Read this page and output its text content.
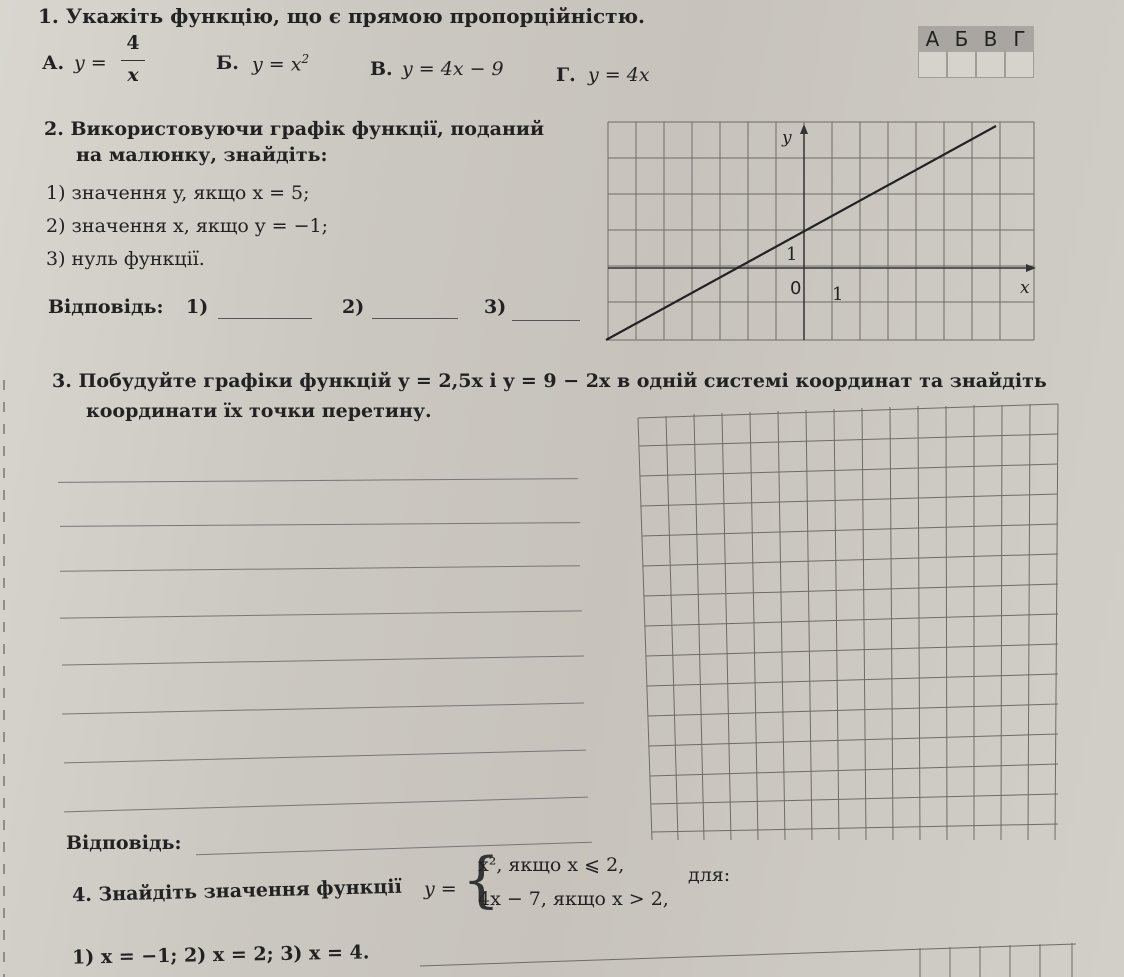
1. Укажіть функцію, що є прямою пропорційністю.
А. y =
4
x
Б. $y = x^2$	В. y = 4x − 9	Г. y = 4x
А Б В Г
2. Використовуючи графік функції, поданий
на малюнку, знайдіть:
1) значення y, якщо x = 5;
2) значення x, якщо y = −1;
3) нуль функції.
Відповідь: 1)	2)	3)
y
x
0 1
1
3. Побудуйте графіки функцій y = 2,5x і y = 9 − 2x в одній системі координат та знайдіть
координати їх точки перетину.
Відповідь:
4. Знайдіть значення функції y = {
x², якщо x ⩽ 2,
4x − 7, якщо x > 2,
для:
1) x = −1; 2) x = 2; 3) x = 4.
